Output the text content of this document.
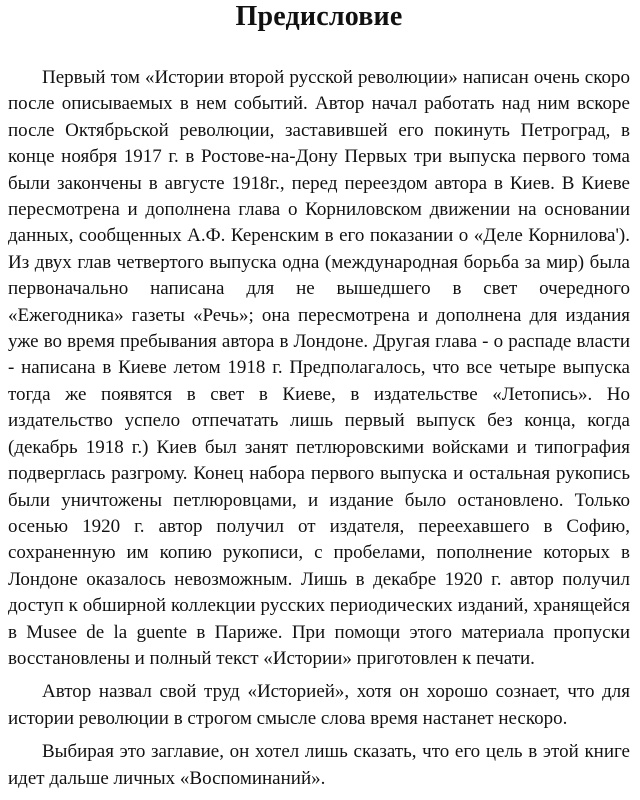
Предисловие

Первый том «Истории второй русской революции» написан очень скоро после описываемых в нем событий. Автор начал работать над ним вскоре после Октябрьской революции, заставившей его покинуть Петроград, в конце ноября 1917 г. в Ростове-на-Дону Первых три выпуска первого тома были закончены в августе 1918г., перед переездом автора в Киев. В Киеве пересмотрена и дополнена глава о Корниловском движении на основании данных, сообщенных А.Ф. Керенским в его показании о «Деле Корнилова'). Из двух глав четвертого выпуска одна (международная борьба за мир) была первоначально написана для не вышедшего в свет очередного «Ежегодника» газеты «Речь»; она пересмотрена и дополнена для издания уже во время пребывания автора в Лондоне. Другая глава - о распаде власти - написана в Киеве летом 1918 г. Предполагалось, что все четыре выпуска тогда же появятся в свет в Киеве, в издательстве «Летопись». Но издательство успело отпечатать лишь первый выпуск без конца, когда (декабрь 1918 г.) Киев был занят петлюровскими войсками и типография подверглась разгрому. Конец набора первого выпуска и остальная рукопись были уничтожены петлюровцами, и издание было остановлено. Только осенью 1920 г. автор получил от издателя, переехавшего в Софию, сохраненную им копию рукописи, с пробелами, пополнение которых в Лондоне оказалось невозможным. Лишь в декабре 1920 г. автор получил доступ к обширной коллекции русских периодических изданий, хранящейся в Musee de la guente в Париже. При помощи этого материала пропуски восстановлены и полный текст «Истории» приготовлен к печати.

Автор назвал свой труд «Историей», хотя он хорошо сознает, что для истории революции в строгом смысле слова время настанет нескоро.

Выбирая это заглавие, он хотел лишь сказать, что его цель в этой книге идет дальше личных «Воспоминаний».
